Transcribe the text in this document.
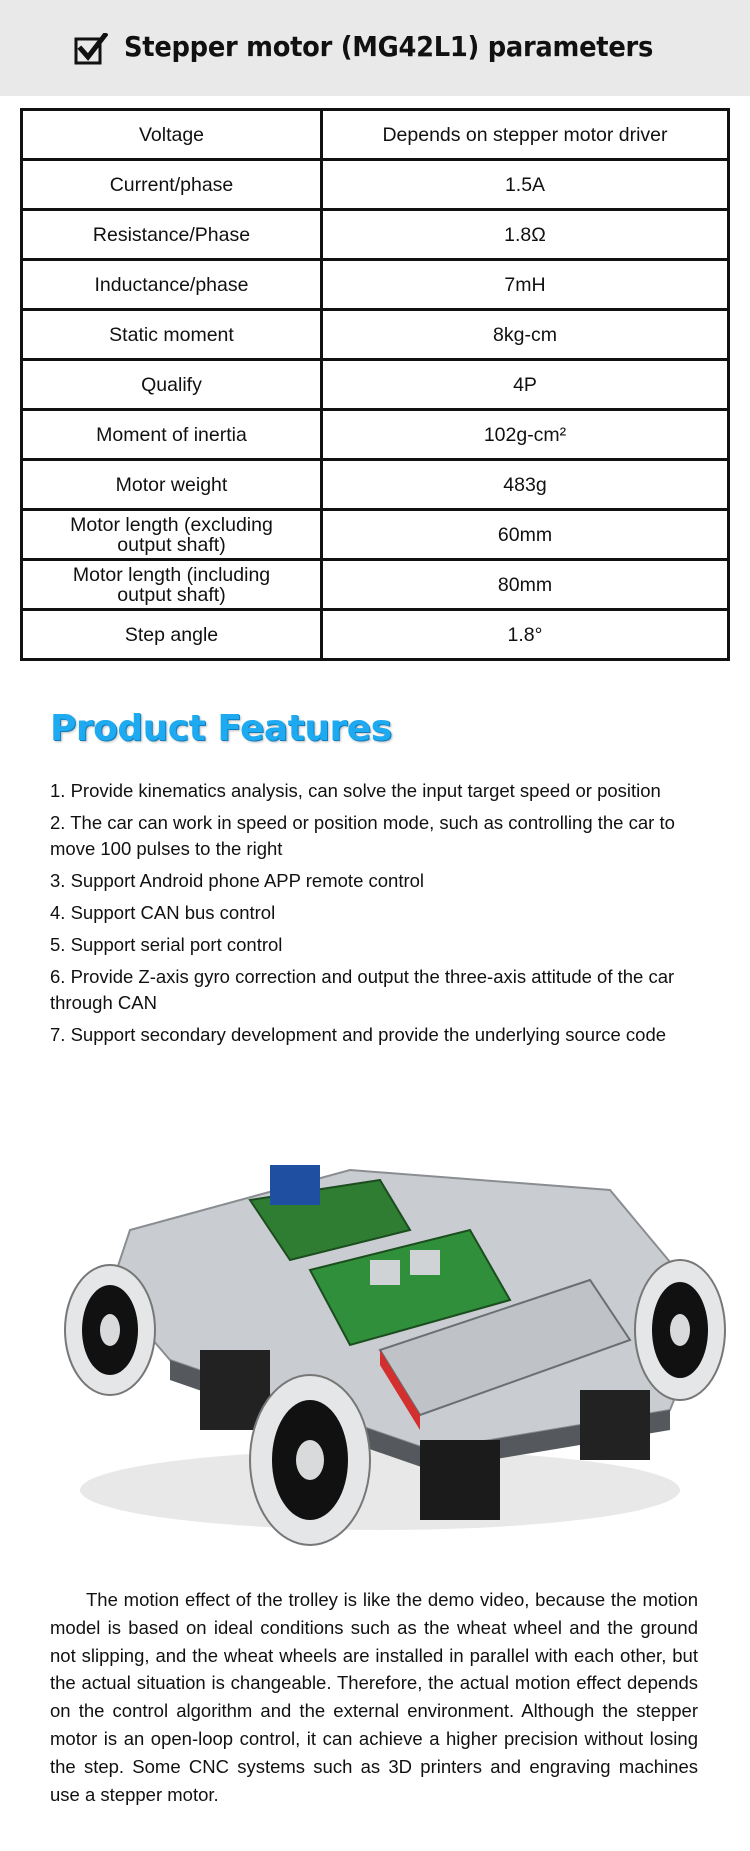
Stepper motor (MG42L1) parameters
Voltage	Depends on stepper motor driver
Current/phase	1.5A
Resistance/Phase	1.8Ω
Inductance/phase	7mH
Static moment	8kg-cm
Qualify	4P
Moment of inertia	102g-cm²
Motor weight	483g
Motor length (excluding output shaft)	60mm
Motor length (including output shaft)	80mm
Step angle	1.8°
Product Features
1. Provide kinematics analysis, can solve the input target speed or position
2. The car can work in speed or position mode, such as controlling the car to move 100 pulses to the right
3. Support Android phone APP remote control
4. Support CAN bus control
5. Support serial port control
6. Provide Z-axis gyro correction and output the three-axis attitude of the car through CAN
7. Support secondary development and provide the underlying source code

The motion effect of the trolley is like the demo video, because the motion model is based on ideal conditions such as the wheat wheel and the ground not slipping, and the wheat wheels are installed in parallel with each other, but the actual situation is changeable. Therefore, the actual motion effect depends on the control algorithm and the external environment. Although the stepper motor is an open-loop control, it can achieve a higher precision without losing the step. Some CNC systems such as 3D printers and engraving machines use a stepper motor.
